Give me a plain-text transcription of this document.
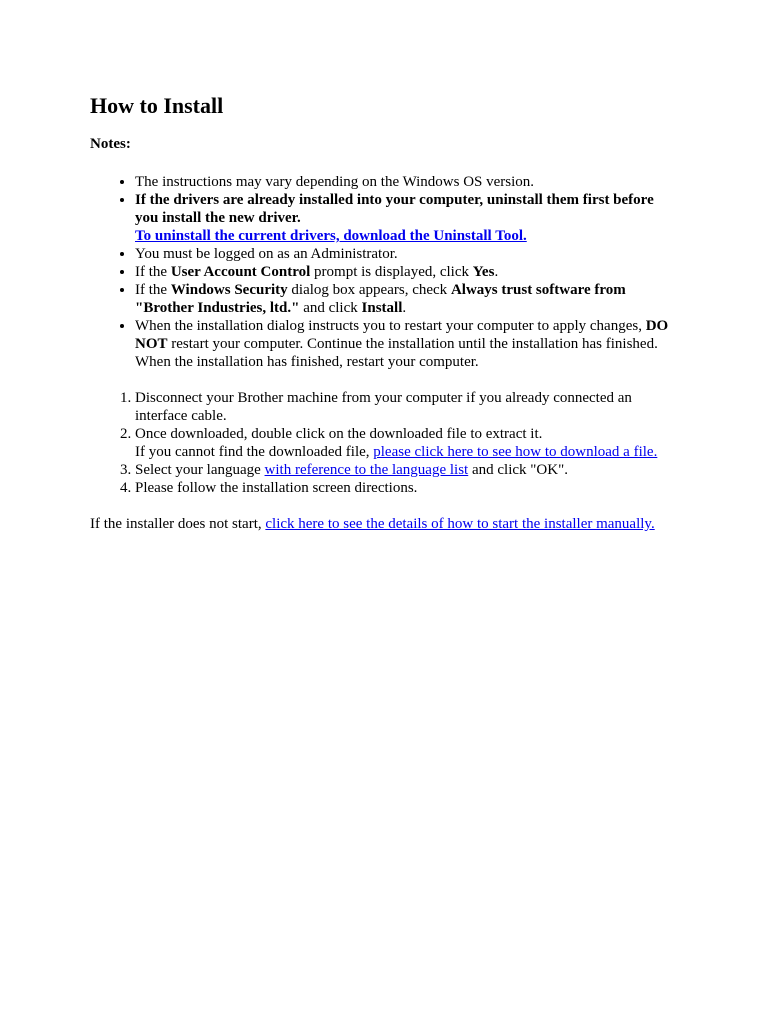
How to Install
Notes:
• The instructions may vary depending on the Windows OS version.
• If the drivers are already installed into your computer, uninstall them first before you install the new driver.
To uninstall the current drivers, download the Uninstall Tool.
• You must be logged on as an Administrator.
• If the User Account Control prompt is displayed, click Yes.
• If the Windows Security dialog box appears, check Always trust software from "Brother Industries, ltd." and click Install.
• When the installation dialog instructs you to restart your computer to apply changes, DO NOT restart your computer. Continue the installation until the installation has finished.
When the installation has finished, restart your computer.
1. Disconnect your Brother machine from your computer if you already connected an interface cable.
2. Once downloaded, double click on the downloaded file to extract it.
If you cannot find the downloaded file, please click here to see how to download a file.
3. Select your language with reference to the language list and click "OK".
4. Please follow the installation screen directions.
If the installer does not start, click here to see the details of how to start the installer manually.
